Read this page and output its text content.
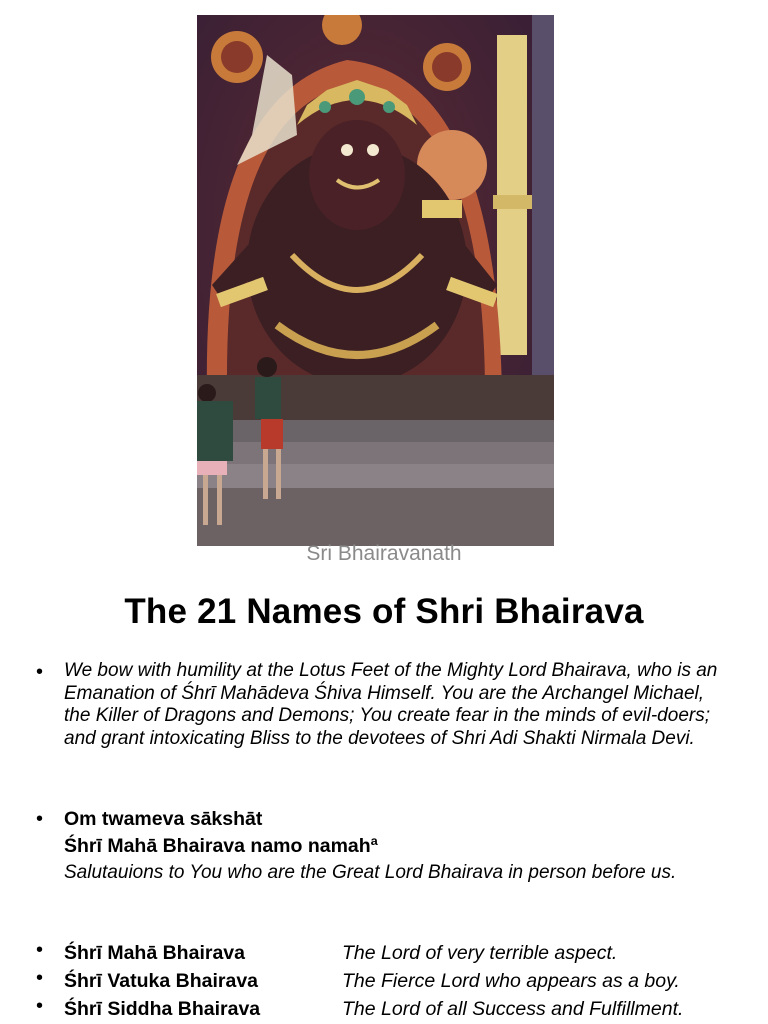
Sri Bhairavanath
The 21 Names of Shri Bhairava
• We bow with humility at the Lotus Feet of the Mighty Lord Bhairava, who is an Emanation of Śhrī Mahādeva Śhiva Himself. You are the Archangel Michael, the Killer of Dragons and Demons; You create fear in the minds of evil-doers; and grant intoxicating Bliss to the devotees of Shri Adi Shakti Nirmala Devi.
• Om twameva sākshāt
Śhrī Mahā Bhairava namo namahª
Salutauions to You who are the Great Lord Bhairava in person before us.
• Śhrī Mahā Bhairava	The Lord of very terrible aspect.
• Śhrī Vatuka Bhairava	The Fierce Lord who appears as a boy.
• Śhrī Siddha Bhairava	The Lord of all Success and Fulfillment.
